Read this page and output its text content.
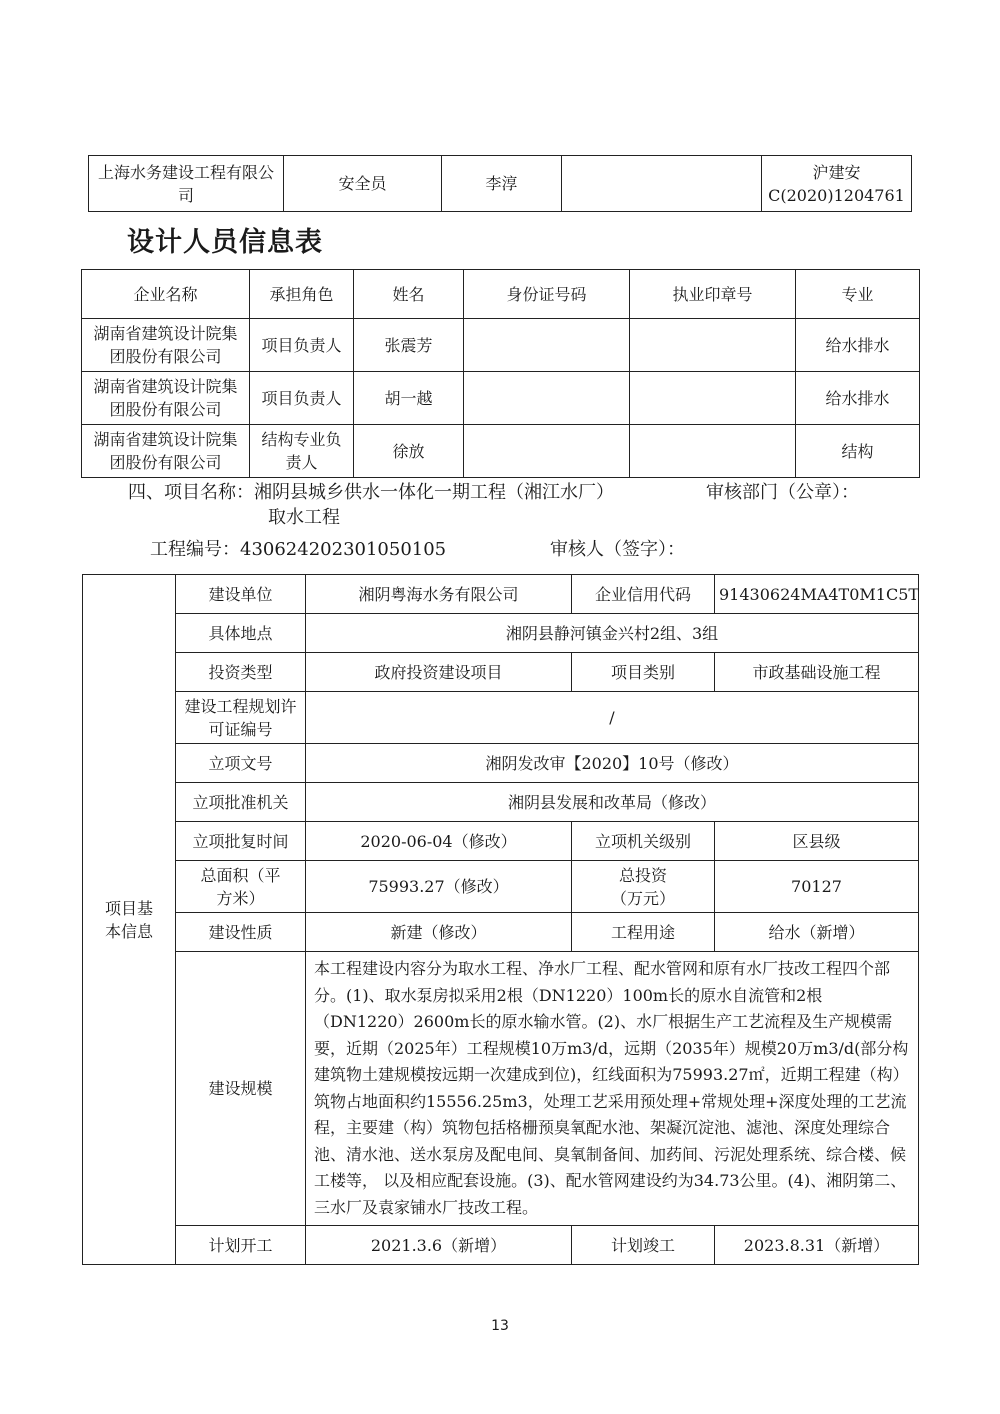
上海水务建设工程有限公司	安全员	李淳		沪建安C(2020)1204761
设计人员信息表
企业名称	承担角色	姓名	身份证号码	执业印章号	专业
湖南省建筑设计院集团股份有限公司	项目负责人	张震芳			给水排水
湖南省建筑设计院集团股份有限公司	项目负责人	胡一越			给水排水
湖南省建筑设计院集团股份有限公司	结构专业负责人	徐放			结构
四、项目名称：湘阴县城乡供水一体化一期工程（湘江水厂）
取水工程
审核部门（公章）：
工程编号：430624202301050105	审核人（签字）：
项目基本信息	建设单位	湘阴粤海水务有限公司	企业信用代码	91430624MA4T0M1C5T
	具体地点	湘阴县静河镇金兴村2组、3组		
	投资类型	政府投资建设项目	项目类别	市政基础设施工程
	建设工程规划许可证编号	/		
	立项文号	湘阴发改审【2020】10号（修改）		
	立项批准机关	湘阴县发展和改革局（修改）		
	立项批复时间	2020-06-04（修改）	立项机关级别	区县级
	总面积（平方米）	75993.27（修改）	总投资（万元）	70127
	建设性质	新建（修改）	工程用途	给水（新增）
	建设规模	本工程建设内容分为取水工程、净水厂工程、配水管网和原有水厂技改工程四个部分。(1)、取水泵房拟采用2根（DN1220）100m长的原水自流管和2根（DN1220）2600m长的原水输水管。(2)、水厂根据生产工艺流程及生产规模需要，近期（2025年）工程规模10万m3/d，远期（2035年）规模20万m3/d(部分构建筑物土建规模按远期一次建成到位)，红线面积为75993.27㎡，近期工程建（构）筑物占地面积约15556.25m3，处理工艺采用预处理+常规处理+深度处理的工艺流程，主要建（构）筑物包括格栅预臭氧配水池、架凝沉淀池、滤池、深度处理综合池、清水池、送水泵房及配电间、臭氧制备间、加药间、污泥处理系统、综合楼、候工楼等， 以及相应配套设施。(3)、配水管网建设约为34.73公里。(4)、湘阴第二、三水厂及袁家铺水厂技改工程。		
	计划开工	2021.3.6（新增）	计划竣工	2023.8.31（新增）
13
